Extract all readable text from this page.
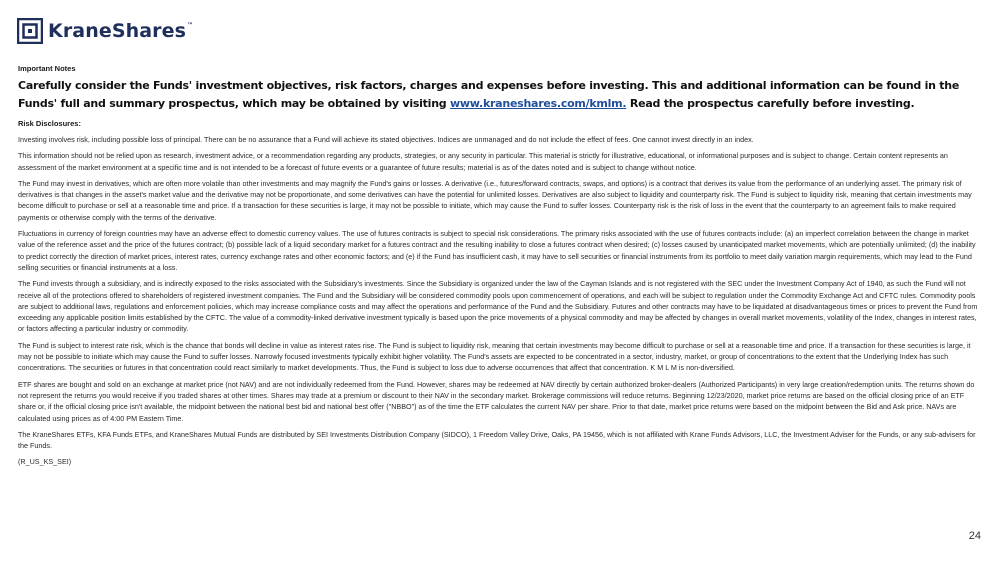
KraneShares™

Important Notes

Carefully consider the Funds' investment objectives, risk factors, charges and expenses before investing. This and additional information can be found in the Funds' full and summary prospectus, which may be obtained by visiting www.kraneshares.com/kmlm. Read the prospectus carefully before investing.

Risk Disclosures:

Investing involves risk, including possible loss of principal. There can be no assurance that a Fund will achieve its stated objectives. Indices are unmanaged and do not include the effect of fees. One cannot invest directly in an index.

This information should not be relied upon as research, investment advice, or a recommendation regarding any products, strategies, or any security in particular. This material is strictly for illustrative, educational, or informational purposes and is subject to change. Certain content represents an assessment of the market environment at a specific time and is not intended to be a forecast of future events or a guarantee of future results; material is as of the dates noted and is subject to change without notice.

The Fund may invest in derivatives, which are often more volatile than other investments and may magnify the Fund's gains or losses. A derivative (i.e., futures/forward contracts, swaps, and options) is a contract that derives its value from the performance of an underlying asset. The primary risk of derivatives is that changes in the asset's market value and the derivative may not be proportionate, and some derivatives can have the potential for unlimited losses. Derivatives are also subject to liquidity and counterparty risk. The Fund is subject to liquidity risk, meaning that certain investments may become difficult to purchase or sell at a reasonable time and price. If a transaction for these securities is large, it may not be possible to initiate, which may cause the Fund to suffer losses. Counterparty risk is the risk of loss in the event that the counterparty to an agreement fails to make required payments or otherwise comply with the terms of the derivative.

Fluctuations in currency of foreign countries may have an adverse effect to domestic currency values. The use of futures contracts is subject to special risk considerations. The primary risks associated with the use of futures contracts include: (a) an imperfect correlation between the change in market value of the reference asset and the price of the futures contract; (b) possible lack of a liquid secondary market for a futures contract and the resulting inability to close a futures contract when desired; (c) losses caused by unanticipated market movements, which are potentially unlimited; (d) the inability to predict correctly the direction of market prices, interest rates, currency exchange rates and other economic factors; and (e) if the Fund has insufficient cash, it may have to sell securities or financial instruments from its portfolio to meet daily variation margin requirements, which may lead to the Fund selling securities or financial instruments at a loss.

The Fund invests through a subsidiary, and is indirectly exposed to the risks associated with the Subsidiary's investments. Since the Subsidiary is organized under the law of the Cayman Islands and is not registered with the SEC under the Investment Company Act of 1940, as such the Fund will not receive all of the protections offered to shareholders of registered investment companies. The Fund and the Subsidiary will be considered commodity pools upon commencement of operations, and each will be subject to regulation under the Commodity Exchange Act and CFTC rules. Commodity pools are subject to additional laws, regulations and enforcement policies, which may increase compliance costs and may affect the operations and performance of the Fund and the Subsidiary. Futures and other contracts may have to be liquidated at disadvantageous times or prices to prevent the Fund from exceeding any applicable position limits established by the CFTC. The value of a commodity-linked derivative investment typically is based upon the price movements of a physical commodity and may be affected by changes in overall market movements, volatility of the Index, changes in interest rates, or factors affecting a particular industry or commodity.

The Fund is subject to interest rate risk, which is the chance that bonds will decline in value as interest rates rise. The Fund is subject to liquidity risk, meaning that certain investments may become difficult to purchase or sell at a reasonable time and price. If a transaction for these securities is large, it may not be possible to initiate which may cause the Fund to suffer losses. Narrowly focused investments typically exhibit higher volatility. The Fund's assets are expected to be concentrated in a sector, industry, market, or group of concentrations to the extent that the Underlying Index has such concentrations. The securities or futures in that concentration could react similarly to market developments. Thus, the Fund is subject to loss due to adverse occurrences that affect that concentration. K M L M is non-diversified.

ETF shares are bought and sold on an exchange at market price (not NAV) and are not individually redeemed from the Fund. However, shares may be redeemed at NAV directly by certain authorized broker-dealers (Authorized Participants) in very large creation/redemption units. The returns shown do not represent the returns you would receive if you traded shares at other times. Shares may trade at a premium or discount to their NAV in the secondary market. Brokerage commissions will reduce returns. Beginning 12/23/2020, market price returns are based on the official closing price of an ETF share or, if the official closing price isn't available, the midpoint between the national best bid and national best offer ("NBBO") as of the time the ETF calculates the current NAV per share. Prior to that date, market price returns were based on the midpoint between the Bid and Ask price. NAVs are calculated using prices as of 4:00 PM Eastern Time.

The KraneShares ETFs, KFA Funds ETFs, and KraneShares Mutual Funds are distributed by SEI Investments Distribution Company (SIDCO), 1 Freedom Valley Drive, Oaks, PA 19456, which is not affiliated with Krane Funds Advisors, LLC, the Investment Adviser for the Funds, or any sub-advisers for the Funds.

(R_US_KS_SEI)

24
